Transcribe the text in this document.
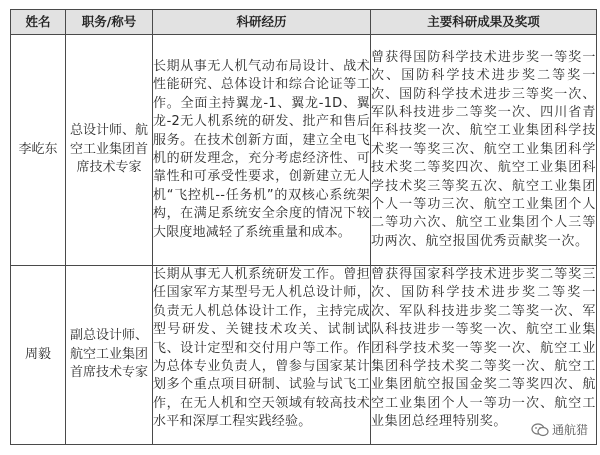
姓名	职务/称号	科研经历	主要科研成果及奖项
李屹东	总设计师、航空工业集团首席技术专家	长期从事无人机气动布局设计、战术性能研究、总体设计和综合论证等工作。全面主持翼龙-1、翼龙-1D、翼龙-2无人机系统的研发、批产和售后服务。在技术创新方面，建立全电飞机的研发理念，充分考虑经济性、可靠性和可承受性要求，创新建立无人机“飞控机--任务机”的双核心系统架构，在满足系统安全余度的情况下较大限度地减轻了系统重量和成本。	曾获得国防科学技术进步奖一等奖一次、国防科学技术进步奖二等奖一次、国防科学技术进步三等奖一次、军队科技进步二等奖一次、四川省青年科技奖一次、航空工业集团科学技术奖一等奖三次、航空工业集团科学技术奖二等奖四次、航空工业集团科学技术奖三等奖五次、航空工业集团个人一等功三次、航空工业集团个人二等功六次、航空工业集团个人三等功两次、航空报国优秀贡献奖一次。
周毅	副总设计师、航空工业集团首席技术专家	长期从事无人机系统研发工作。曾担任国家军方某型号无人机总设计师，负责无人机总体设计工作，主持完成型号研发、关键技术攻关、试制试飞、设计定型和交付用户等工作。作为总体专业负责人，曾参与国家某计划多个重点项目研制、试验与试飞工作，在无人机和空天领域有较高技术水平和深厚工程实践经验。	曾获得国家科学技术进步奖二等奖三次、国防科学技术进步奖二等奖一次、军队科技进步奖二等奖一次、军队科技进步一等奖一次、航空工业集团科学技术奖一等奖一次、航空工业集团科学技术奖二等奖一次、航空工业集团航空报国金奖二等奖四次、航空工业集团个人一等功一次、航空工业集团总经理特别奖。
通航猎
